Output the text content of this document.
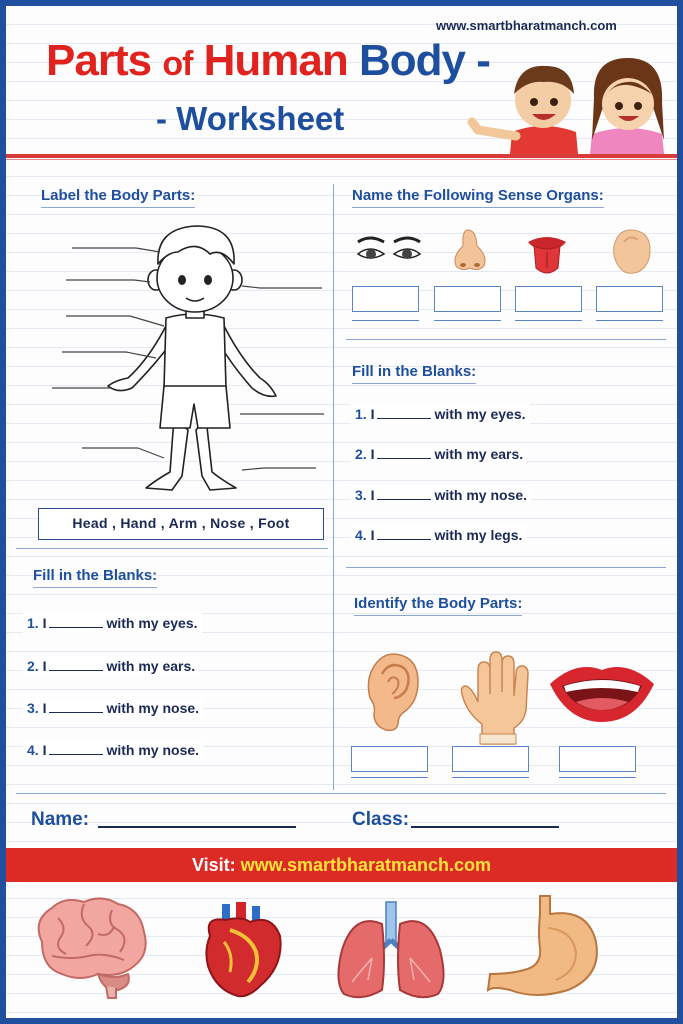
www.smartbharatmanch.com
Parts of Human Body -
- Worksheet
Label the Body Parts:
Head , Hand , Arm , Nose , Foot
Fill in the Blanks:
1. I	with my eyes.
2. I	with my ears.
3. I	with my nose.
4. I	with my nose.
Name the Following Sense Organs:
Fill in the Blanks:
1. I	with my eyes.
2. I	with my ears.
3. I	with my nose.
4. I	with my legs.
Identify the Body Parts:
Name:	Class:
Visit: www.smartbharatmanch.com
